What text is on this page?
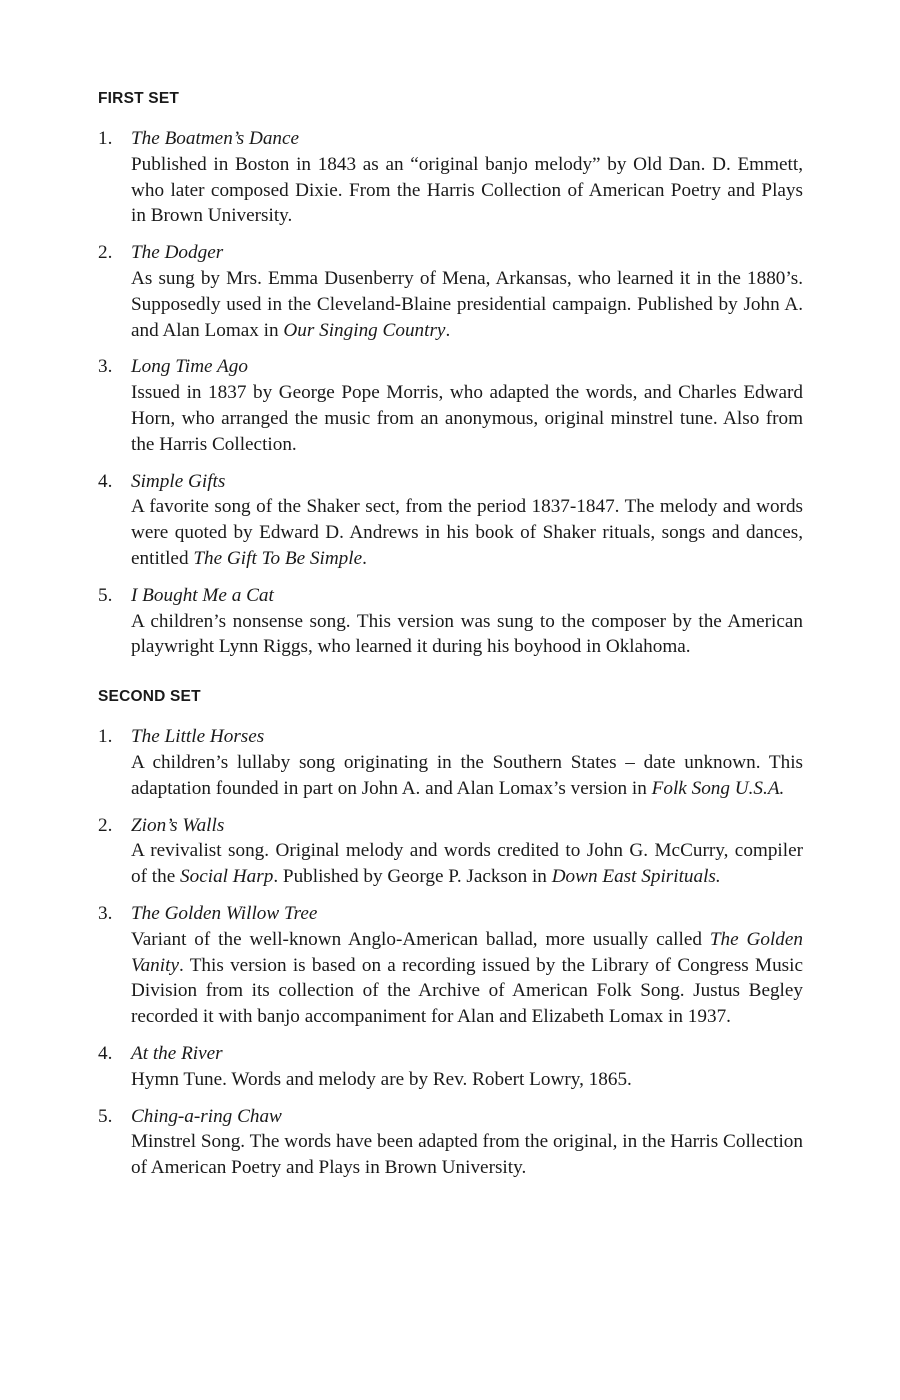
FIRST SET
1. The Boatmen’s Dance
Published in Boston in 1843 as an “original banjo melody” by Old Dan. D. Emmett, who later composed Dixie. From the Harris Collection of American Poetry and Plays in Brown University.
2. The Dodger
As sung by Mrs. Emma Dusenberry of Mena, Arkansas, who learned it in the 1880’s. Supposedly used in the Cleveland-Blaine presidential campaign. Published by John A. and Alan Lomax in Our Singing Country.
3. Long Time Ago
Issued in 1837 by George Pope Morris, who adapted the words, and Charles Edward Horn, who arranged the music from an anonymous, original minstrel tune. Also from the Harris Collection.
4. Simple Gifts
A favorite song of the Shaker sect, from the period 1837-1847. The melody and words were quoted by Edward D. Andrews in his book of Shaker rituals, songs and dances, entitled The Gift To Be Simple.
5. I Bought Me a Cat
A children’s nonsense song. This version was sung to the composer by the American playwright Lynn Riggs, who learned it during his boyhood in Oklahoma.
SECOND SET
1. The Little Horses
A children’s lullaby song originating in the Southern States – date unknown. This adaptation founded in part on John A. and Alan Lomax’s version in Folk Song U.S.A.
2. Zion’s Walls
A revivalist song. Original melody and words credited to John G. McCurry, compiler of the Social Harp. Published by George P. Jackson in Down East Spirituals.
3. The Golden Willow Tree
Variant of the well-known Anglo-American ballad, more usually called The Golden Vanity. This version is based on a recording issued by the Library of Congress Music Division from its collection of the Archive of American Folk Song. Justus Begley recorded it with banjo accompaniment for Alan and Elizabeth Lomax in 1937.
4. At the River
Hymn Tune. Words and melody are by Rev. Robert Lowry, 1865.
5. Ching-a-ring Chaw
Minstrel Song. The words have been adapted from the original, in the Harris Collection of American Poetry and Plays in Brown University.
